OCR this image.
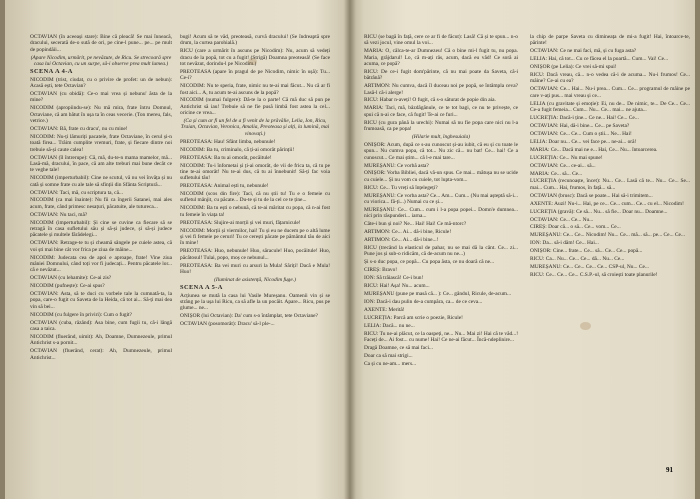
OCTAVIAN (în aceeași stare): Bine că pleacă! Se mai înneacă, dracului, secerată de-o sută de ori, pe cine-l pune... pe... pe mult de popindăii...

(Apare Nicodim, urmărit, pe nevăzute, de Ricu. Se strecoară spre casa lui Octavian, cu un surpe, să-i observe prea mult lumea.)

SCENA A 4-A

NICODIM (trist, ciudat, cu o privire de profet: un de nebun): Acasă ești, tete Octavian?

OCTAVIAN (cu obidă): Ce-o mai vrea și nebunu' ăsta de la mine?

NICODIM (apropiindu-se): Nu mă mira, frate întru Domnul, Octaviane, că am bătut în ușa ta în ceas vecerie. (Ton mereu, fals, vetrice.)

OCTAVIAN: Bă, frate cu dracu', nu cu mine!

NICODIM: Nu-ți lămuriți pacatele, frate Octaviane, în cerul și-n toată firea... Trăim cumplite vremuri, frate, și fiecare dintre noi trebuie să-și caute calea!

OCTAVIAN (îl întrerupe): Că, mă, du-te-n mama mamelor, mă... Lasă-mă, dracului, în pace, că am alte treburi mai bune decât ce te veghe tale!

NICODIM (imperturbabil): Cine ne scutul, vă nu vei învăța și nu cată și somne frate cu ale tale să sfinții din Sfânta Scriptură...

OCTAVIAN: Taci, mă, cu scriptura ta, că...

NICODIM (ca mai înainte): Nu fii ca îngerii Satanei, mai ales acum, frate, când primesc nesațuri, păcatuite, ale tutureca...

OCTAVIAN: Nu taci, mă?

NICODIM (imperturbabil): Și cine se cuvine ca fiecare să se retragă în casa sufletului său și să-și judece, și să-și judece păcatele și multele fărădelegi...

OCTAVIAN: Retrage-te tu și cheamă sângele pe cuiele astea, că voi ști mai bine cât vor frica pe ziua de mâine...

NICODIM: Judecata cea de apoi e aproape, frate! Vine ziua mâniei Domnului, când toți vor fi judecați... Pentru păcatele lor... că e nevăzut...

OCTAVIAN (cu lehamite): Ce-ai zis?

NICODIM (pufnește): Ce-ai spus?

OCTAVIAN: Asta, să te duci cu vorbele tale la cumnată-ta, la popa, care-o fugit cu Saveta de la Heida, că tot ai... Să-ți mai dea vin să bei...

NICODIM (cu fulgere în priviri): Cum o fugit?

OCTAVIAN (cuba, râzând): Asa bine, cum fugii tu, că-i lângă casa a taica.

NICODIM (fluerând, uimit): Ah, Doamne, Dumnezeule, primul Antichrist s-a pornit...

OCTAVIAN (fluerând, cerat): Ah, Dumnezeule, primul Antichrist...

bugi! Acum să te văd, preoteasă, curvă dracului! (Se îndreaptă spre drum, la curtea parohială.)

RICU (care a urmărit în ascuns pe Nicodim): Nu, acum să vedeți dracu de la popă, tot cu a fugit! (Strigă) Doamna preoteasă! (Se face tot nevăzut, dorindu-l pe Nicodim.)

PREOTEASA (apare în pragul de pe Nicodim, nimic în ușă): Tu... Ce-i?

NICODIM: Nu te speria, frate, nimic nu te-ai mai făcut... Nu că ar fi fost aici... A, tu acum te-ai ascuns de la popă?

NICODIM (numai fulgere): Dă-te la o parte! Că mă duc să pun pe Antichrist să iau! Trebuie să ne fie pusă limbă fost astea la cel... oricine ce vrea...

(Ca și cum ar fi un fel de a fi venit de la prăvălie, Lelia, Ion, Ricu, Traian, Octavian, Veronica, Amalia, Preoteasa și alți, la lumină, mai vinovați.)

PREOTEASA: Hau! Sfânt limba, nebunule!

NICODIM: Ba tu, criminalo, că ți-ai omorât părinții!

PREOTEASA: Ba tu ai omorât, pocăitule!

NICODIM: Tu-i înfometai și ți-ai omorât, de vii de frica ta, că tu pe tine te-ai omorât! Nu te-ai dus, că tu ai înnebunit! Să-ți fac voia sufletului tău!

PREOTEASA: Animal ești tu, nebunule!

NICODIM (scos din fire): Taci, că nu știi tu! Tu e o femeie cu sufletul mânjit, cu păcate... Du-te și tu de la cel ce te ține...

NICODIM: Ba tu ești o nebună, că te-ai măritat cu popa, că n-ai fost tu femeie în viața ta!

PREOTEASA: Slujire-ai morții și vei muri, fățarnicule!

NICODIM: Morții și viermilor, hai! Tu și eu ne ducem pe o altă lume și vei fi femeie pe ceruri! Tu ce cerești păcate pe pământul tău de aici în mine!

PREOTEASA: Huo, nebunule! Huo, săracule! Huo, pocăitule! Huo, păcătosul! Tulai, popo, moș ce nebunul...

PREOTEASA: Ba vei muri cu arsuri la Mula! Săriți! Dacă e Mula! Huo!

(Iluminat de asistență, Nicodim fuge.)

SCENA A 5-A

Acțiunea se mută la casa lui Vasile Mureșanu. Oamenii vin și se strâng pe la ușa lui Ricu, ca să afle la un pocăit. Apare... Ricu, pus pe glume... ne...

ONIȘOR (lui Octavian): Da' cum s-o întâmplat, tete Octaviane?

OCTAVIAN (posomorât): Dracu' să-l ple-...

RICU (se bagă în față, cere ce ar fi de făcut): Lasă! Că și te spun... n-o să vezi jocul, vine omul la voi...

MARIA: O, câlca-te-ar Dumnezeu! Că o bine mi-l fugit tu, nu popa. Maria, grăjdarul! Lo, că m-ați râs, acum, dacă eu văd! Ce soră ai acuma, ce popă?

RICU: De ce-i fugit dom'părinte, că nu mai poate da Saveta, că-i bătrână?

ARTIMON: Nu cumva, dacă îl duceau noi pe popă, se întâmpla ceva? Lasă-l că-i alerge!

RICU: Habar n-aveți! O fugit, că s-o săturat de popie din aia.

MARIA: Taci, mă, bâzdâgănule, ce te tot bagi, ce nu te privește, ce spui că n-ai ce face, că fugit! Te-ai ce furi...

RICU (cu gura până la urechi): Numai să nu fie popa care nici nu l-a frumoasă, ca pe popa!

(Hilarie mult, înghesuiala)

ONIȘOR: Acum, după ce s-au cunoscut și-au iubit, că eu și cu toate le spun... Nu cumva popa, că tot... Nu zic că... nu bat! Ce... hai! Ce a cunoscut... Ce mai știm... că l-e mai tare...

MUREȘANU: Ce vorbă asta?

ONIȘOR: Vorba Bibliei, dacă vă-un spus. Ce mai... mătușa nu se ucide cu cuiele... Și nu vom cu cuiele, tot lupta-vom...

RICU: Ce... Tu vreți să înțelegeți?

MUREȘANU: Ce vorba asta? Ce... Am... Cum... (Nu mai așteptă să-i... cu viorica... fă-ți...) Numai cu ce și...

MUREȘANU: Ce... Cum... cum i l-a popa popei... Domn'e dumnea... nici prin răspunderi... iarna...

Câte-i bun și noi? Ne... Hai! Hai! Ce mă-ntorc?

ARTIMON: Ce... Ai... dă-i bine, Ricule!

ARTIMON: Ce... Ai... dă-i bine...!

RICU (trecând la elasticul de pahar, nu se mai dă la cânt. Ce... zi... Pune jos și sub-o ridicăm, că de-acum nu ne...)

Și s-o duc popa, ce popă... Cu popa ăsta, ce nu doară că ne...

CIREȘ: Bravo!

ION: Să trăiască! Ce-i bun!

RICU: Hai! Așa! Nu... acum...

MUREȘANU (pune pe masă că... ): Ce... gândul, Ricule, de-acum...

ION: Dacă-i dau pulin de-a cumpăra, ca... de ce ceva...

AXENTE: Merită!

LUCREȚIA: Parcă am scrie o poezie, Ricule!

LELIA: Dacă... nu ne...

RICU: Tu ne-ai plăcut, ce la oaspeți, ne... Nu... Mai zi! Hai că te văd...! Faceți de... Ai fost... cu nume! Hai! Ce ne-ai făcut... Încă-ndeplinire...

Dragă Doamne, ce să mai faci...

Doar ca să mai strigi...

Ca și cu ne-am... mers...

la chip de parpe Saveta cu dimineața de mi-a fugit! Hai, întoarce-te, părinte!

OCTAVIAN: Ce ne mai faci, mă, și cu fuga asta?

LELIA: Hai, că tot... Cu ce făcea el la poartă... Cum... Vai! Ce...

ONIȘOR (pe Lelia): Ce vrei să-mi spui!

RICU: Dacă vreau, că... n-o vedea că-i de acuma... Nu-i frumos! Ce... mâine? Ce-ai cu ea?

OCTAVIAN: Ce... Hai... Nu-i prea... Cum... Ce... programul de mâine pe care v-ați pus... mai vreau și ce...

LELIA (cu gravitate și emoție): Ei, nu de... De nimic, te... De Ce... Ce... Ce-a fugit femeia... Cum... Nu... Ce... mai... ne ajuta...

LUCREȚIA: Dacă-i ține... Ce ne... Hai! Ce... Ce...

OCTAVIAN: Hai, dă-i bine... Ce... pe Saveta?

OCTAVIAN: Ce... Ce... Cum o știi... Ne... Hai!

LELIA: Doar nu... Ce... vei face pe... ne-ai... oră!

MARIA: Ce... Dacă mai ne e... Hai, Ce... Nu... întoarcerea.

LUCREȚIA: Ce... Nu mai spune!

OCTAVIAN: Ce... ce-ai... să...

MARIA: Ce... să... Ce...

LUCREȚIA (recunoaște, încet): Nu... Ce... Lasă că te... Nu... Ce... Se... mai... Cum... Hai, frumos, în față... să...

OCTAVIAN (brusc): Dacă se poate... Hai să-i trimitem...

AXENTE: Auzi! Nu-i... Hai, pe ce... Ce... cum... Ce... cu el... Nicodim!

LUCREȚIA (gravă): Ce să... Nu... să fie... Doar nu... Doamne...

OCTAVIAN: Ce... Ce... Nu...

CIREȘ: Doar că... o să... Ce... vom... Ce...

MUREȘANU: Ce... Ce... Nicodim! Nu... Ce... mă... să... pe... Ce... Ce...

ION: Da... să-i dăm! Ce... Hai...

ONIȘOR: Cine... frate... Ce... să... Ce... Ce... popă...

RICU: Ca... Nu... Ce... Ce... dă... Nu... Ce...

MUREȘANU: Ce... Ce... Ce... Ce... CSP-ul, Nu... Ce...

RICU: Ce... Ce... Ce... C.S.P.-ul, să croiești toate planurile!

91
